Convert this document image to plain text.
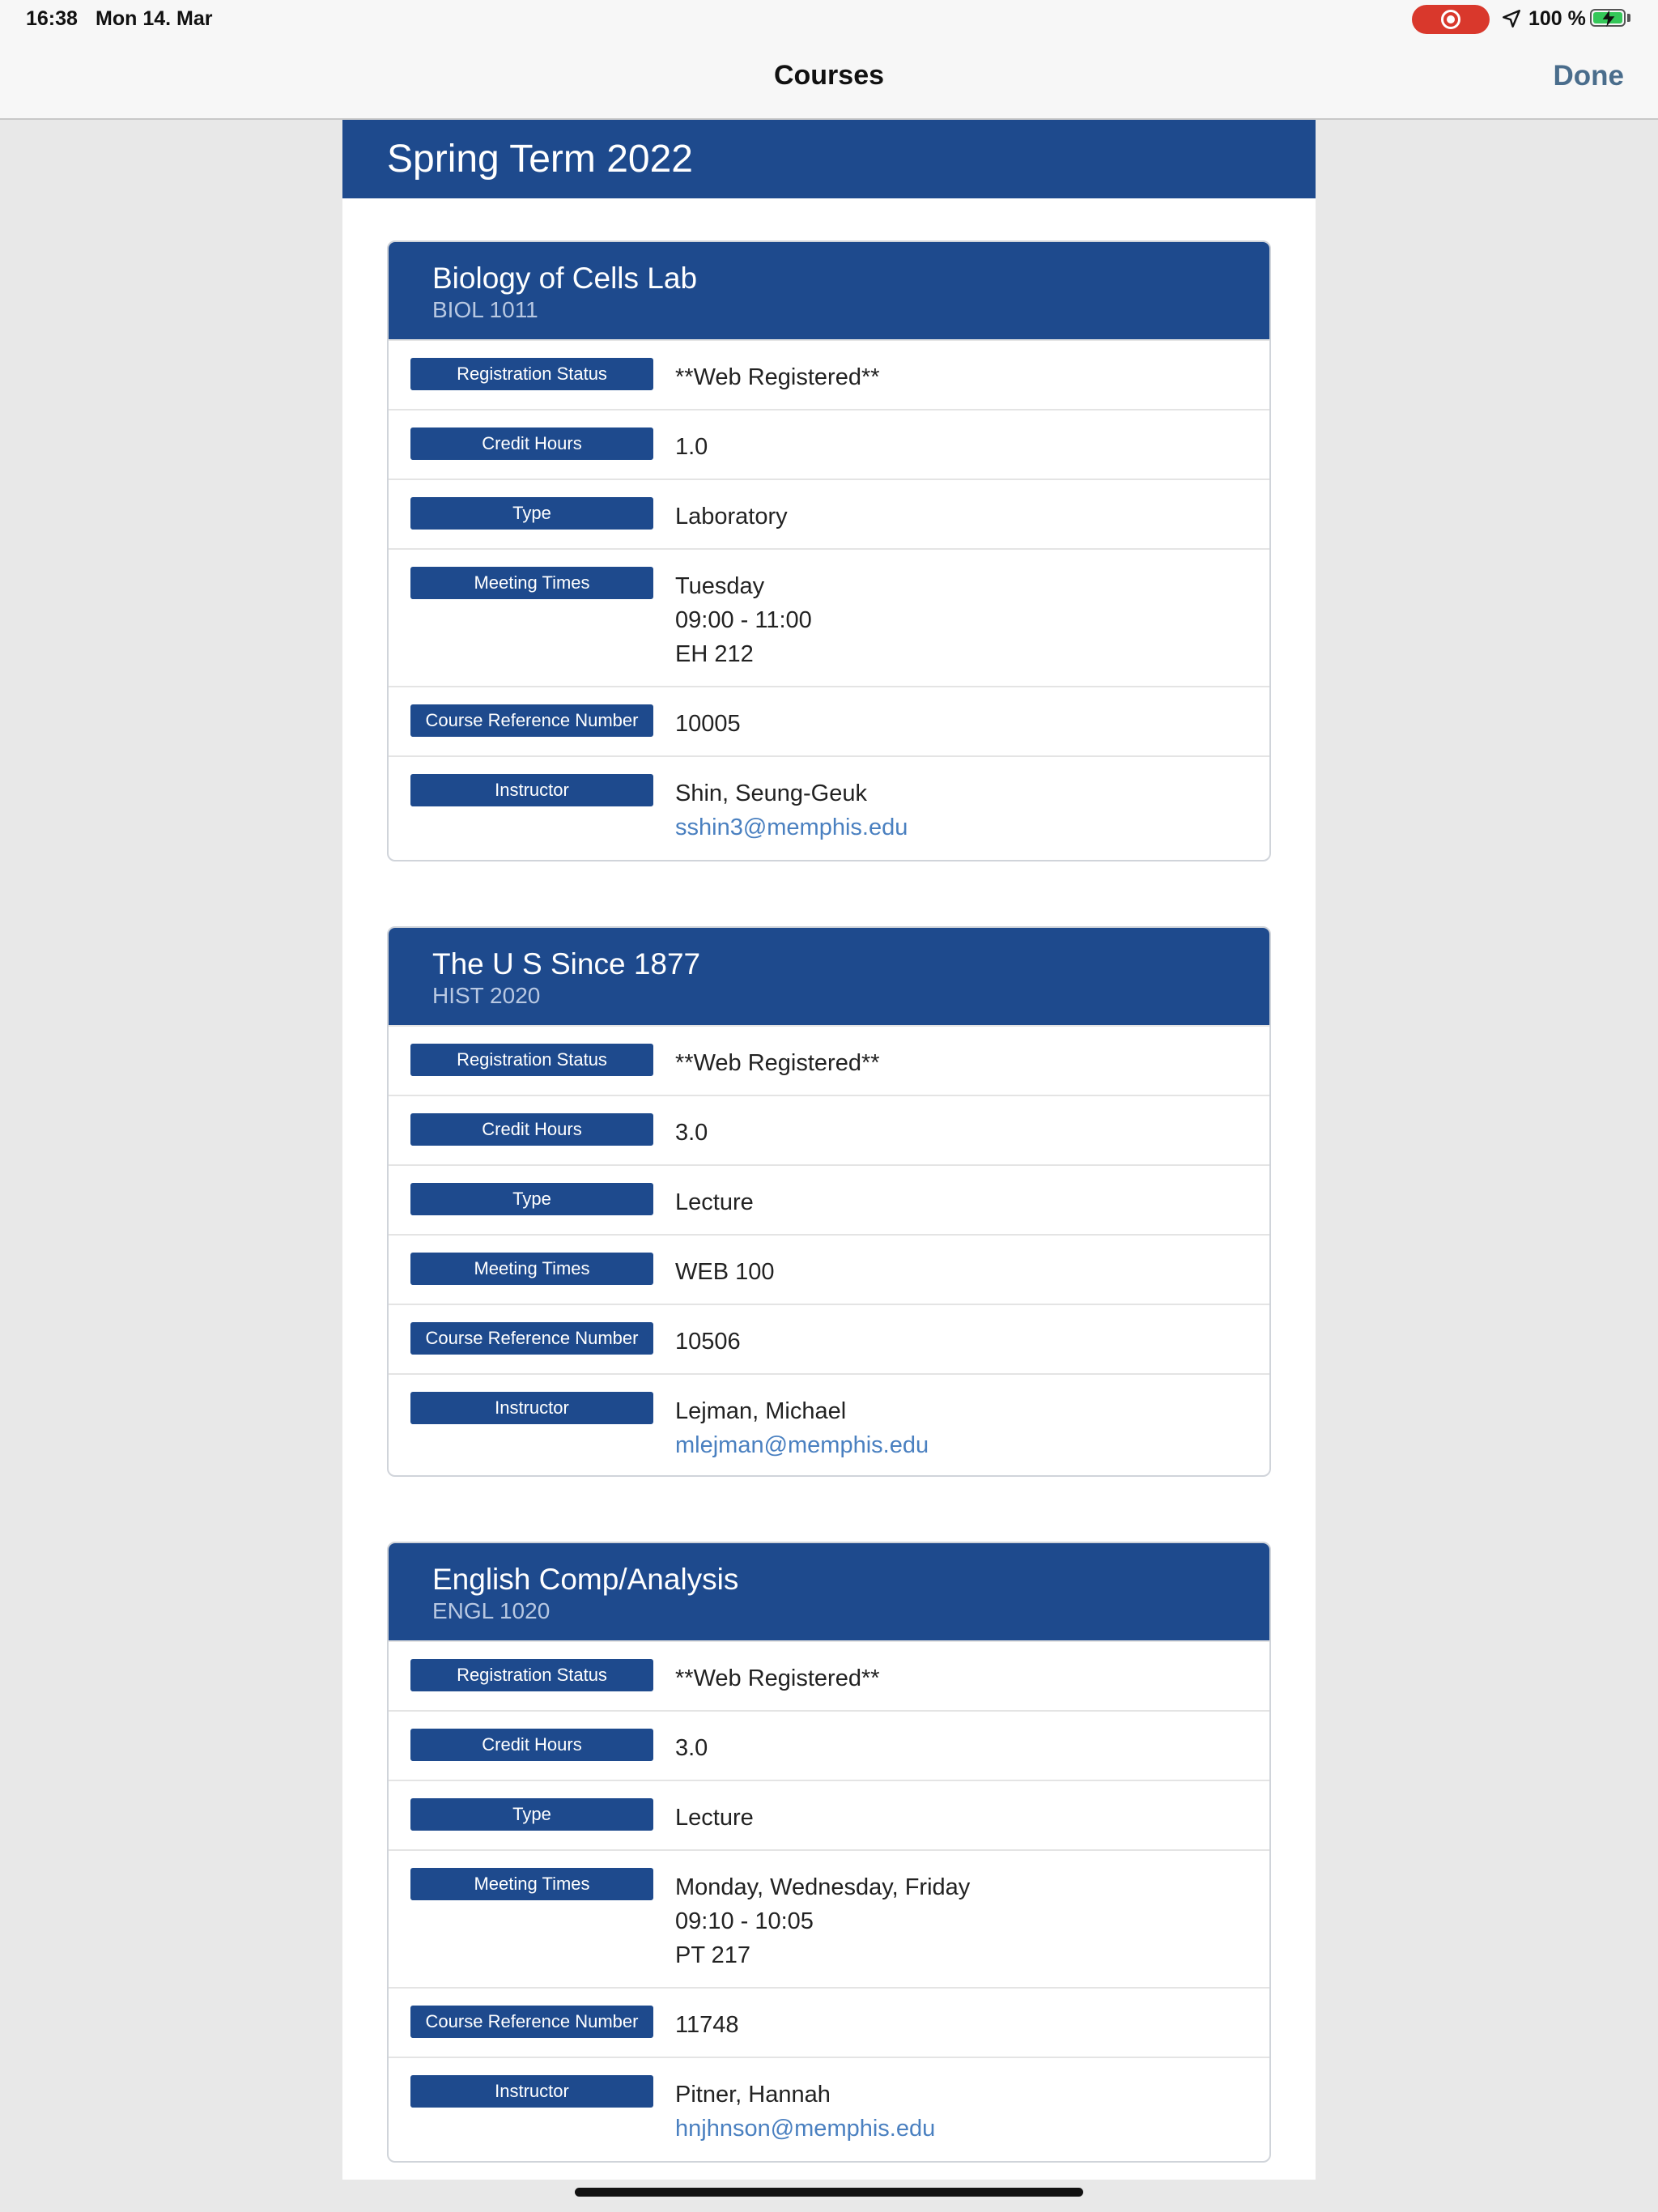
16:38 Mon 14. Mar	100 %
Courses	Done
Spring Term 2022
Biology of Cells Lab
BIOL 1011
Registration Status	**Web Registered**
Credit Hours	1.0
Type	Laboratory
Meeting Times	Tuesday
09:00 - 11:00
EH 212
Course Reference Number	10005
Instructor	Shin, Seung-Geuk
sshin3@memphis.edu
The U S Since 1877
HIST 2020
Registration Status	**Web Registered**
Credit Hours	3.0
Type	Lecture
Meeting Times	WEB 100
Course Reference Number	10506
Instructor	Lejman, Michael
mlejman@memphis.edu
English Comp/Analysis
ENGL 1020
Registration Status	**Web Registered**
Credit Hours	3.0
Type	Lecture
Meeting Times	Monday, Wednesday, Friday
09:10 - 10:05
PT 217
Course Reference Number	11748
Instructor	Pitner, Hannah
hnjhnson@memphis.edu
